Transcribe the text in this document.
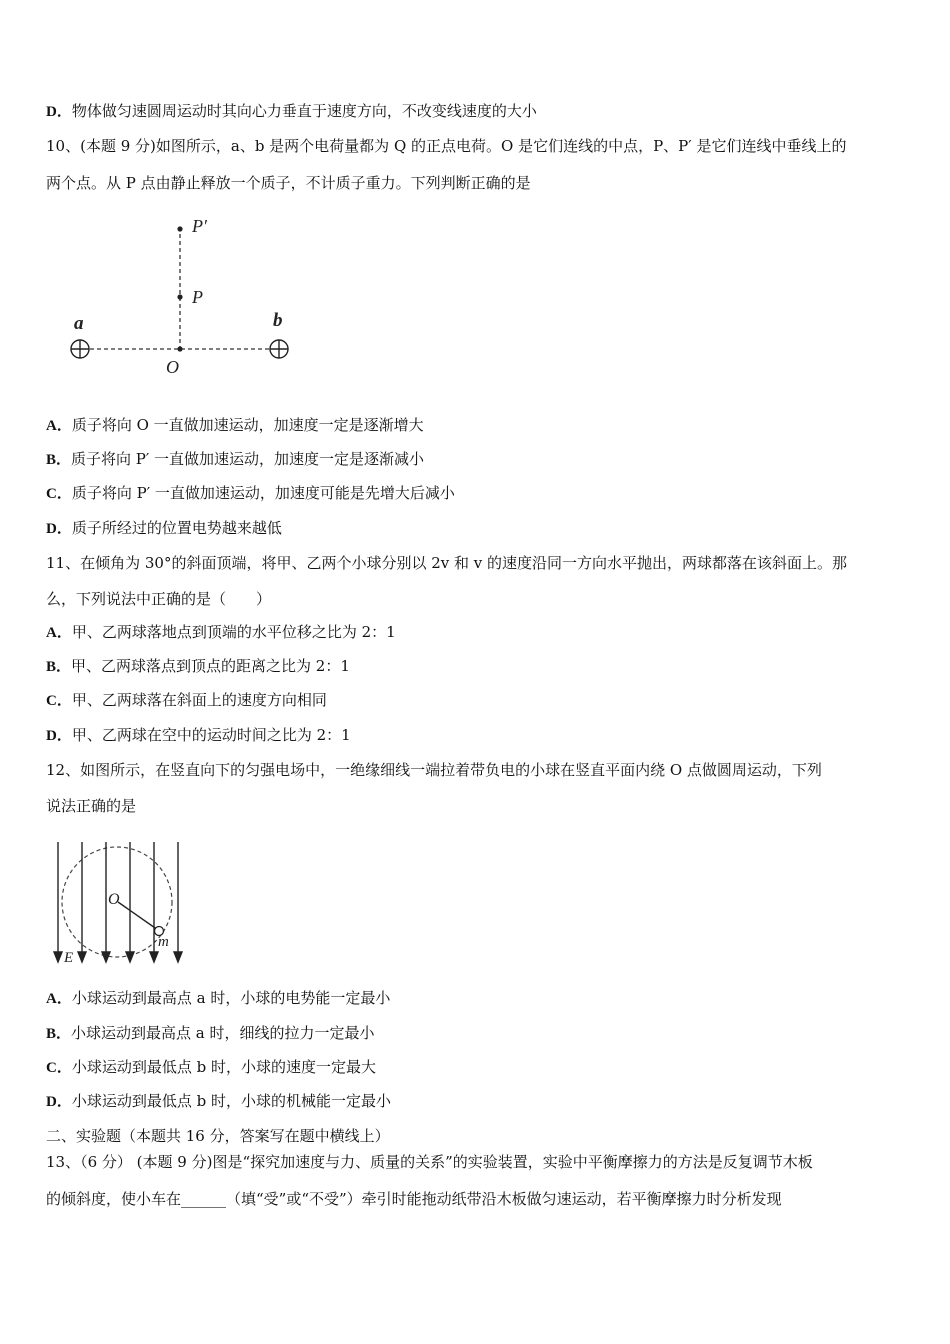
D．物体做匀速圆周运动时其向心力垂直于速度方向，不改变线速度的大小
10、(本题 9 分)如图所示，a、b 是两个电荷量都为 Q 的正点电荷。O 是它们连线的中点，P、P′ 是它们连线中垂线上的
两个点。从 P 点由静止释放一个质子，不计质子重力。下列判断正确的是
P′
P
a	b
O
A．质子将向 O 一直做加速运动，加速度一定是逐渐增大
B．质子将向 P′ 一直做加速运动，加速度一定是逐渐减小
C．质子将向 P′ 一直做加速运动，加速度可能是先增大后减小
D．质子所经过的位置电势越来越低
11、在倾角为 30°的斜面顶端，将甲、乙两个小球分别以 2v 和 v 的速度沿同一方向水平抛出，两球都落在该斜面上。那
么，下列说法中正确的是（　　）
A．甲、乙两球落地点到顶端的水平位移之比为 2：1
B．甲、乙两球落点到顶点的距离之比为 2：1
C．甲、乙两球落在斜面上的速度方向相同
D．甲、乙两球在空中的运动时间之比为 2：1
12、如图所示，在竖直向下的匀强电场中，一绝缘细线一端拉着带负电的小球在竖直平面内绕 O 点做圆周运动，下列
说法正确的是
O
m
E
A．小球运动到最高点 a 时，小球的电势能一定最小
B．小球运动到最高点 a 时，细线的拉力一定最小
C．小球运动到最低点 b 时，小球的速度一定最大
D．小球运动到最低点 b 时，小球的机械能一定最小
二、实验题（本题共 16 分，答案写在题中横线上）
13、（6 分） (本题 9 分)图是“探究加速度与力、质量的关系”的实验装置，实验中平衡摩擦力的方法是反复调节木板
的倾斜度，使小车在______（填“受”或“不受”）牵引时能拖动纸带沿木板做匀速运动，若平衡摩擦力时分析发现
